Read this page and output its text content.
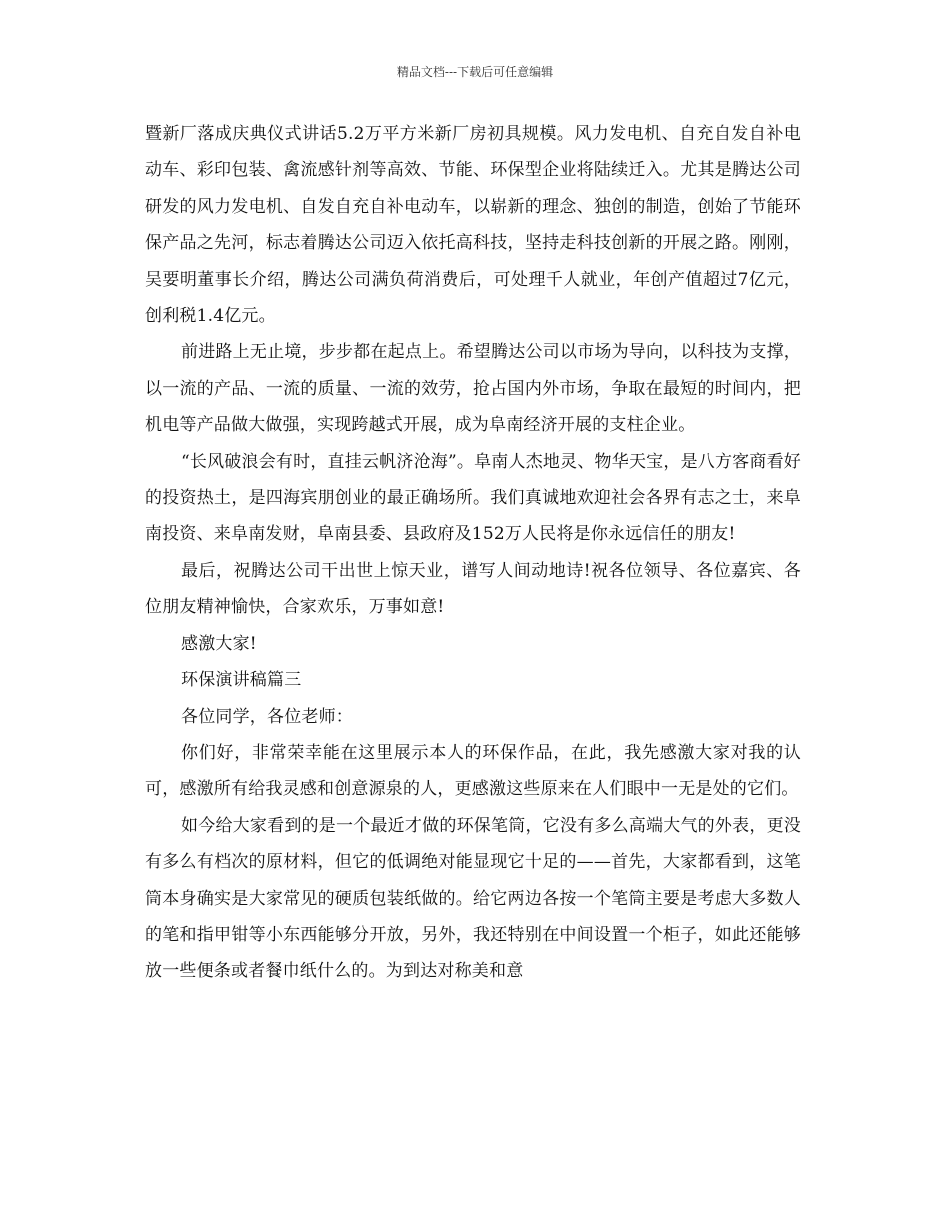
精品文档---下载后可任意编辑

暨新厂落成庆典仪式讲话5.2万平方米新厂房初具规模。风力发电机、自充自发自补电动车、彩印包装、禽流感针剂等高效、节能、环保型企业将陆续迁入。尤其是腾达公司研发的风力发电机、自发自充自补电动车，以崭新的理念、独创的制造，创始了节能环保产品之先河，标志着腾达公司迈入依托高科技，坚持走科技创新的开展之路。刚刚，吴要明董事长介绍，腾达公司满负荷消费后，可处理千人就业，年创产值超过7亿元，创利税1.4亿元。

前进路上无止境，步步都在起点上。希望腾达公司以市场为导向，以科技为支撑，以一流的产品、一流的质量、一流的效劳，抢占国内外市场，争取在最短的时间内，把机电等产品做大做强，实现跨越式开展，成为阜南经济开展的支柱企业。

“长风破浪会有时，直挂云帆济沧海”。阜南人杰地灵、物华天宝，是八方客商看好的投资热土，是四海宾朋创业的最正确场所。我们真诚地欢迎社会各界有志之士，来阜南投资、来阜南发财，阜南县委、县政府及152万人民将是你永远信任的朋友!

最后，祝腾达公司干出世上惊天业，谱写人间动地诗!祝各位领导、各位嘉宾、各位朋友精神愉快，合家欢乐，万事如意!

感激大家!

环保演讲稿篇三

各位同学，各位老师：

你们好，非常荣幸能在这里展示本人的环保作品，在此，我先感激大家对我的认可，感激所有给我灵感和创意源泉的人，更感激这些原来在人们眼中一无是处的它们。

如今给大家看到的是一个最近才做的环保笔筒，它没有多么高端大气的外表，更没有多么有档次的原材料，但它的低调绝对能显现它十足的——首先，大家都看到，这笔筒本身确实是大家常见的硬质包装纸做的。给它两边各按一个笔筒主要是考虑大多数人的笔和指甲钳等小东西能够分开放，另外，我还特别在中间设置一个柜子，如此还能够放一些便条或者餐巾纸什么的。为到达对称美和意
